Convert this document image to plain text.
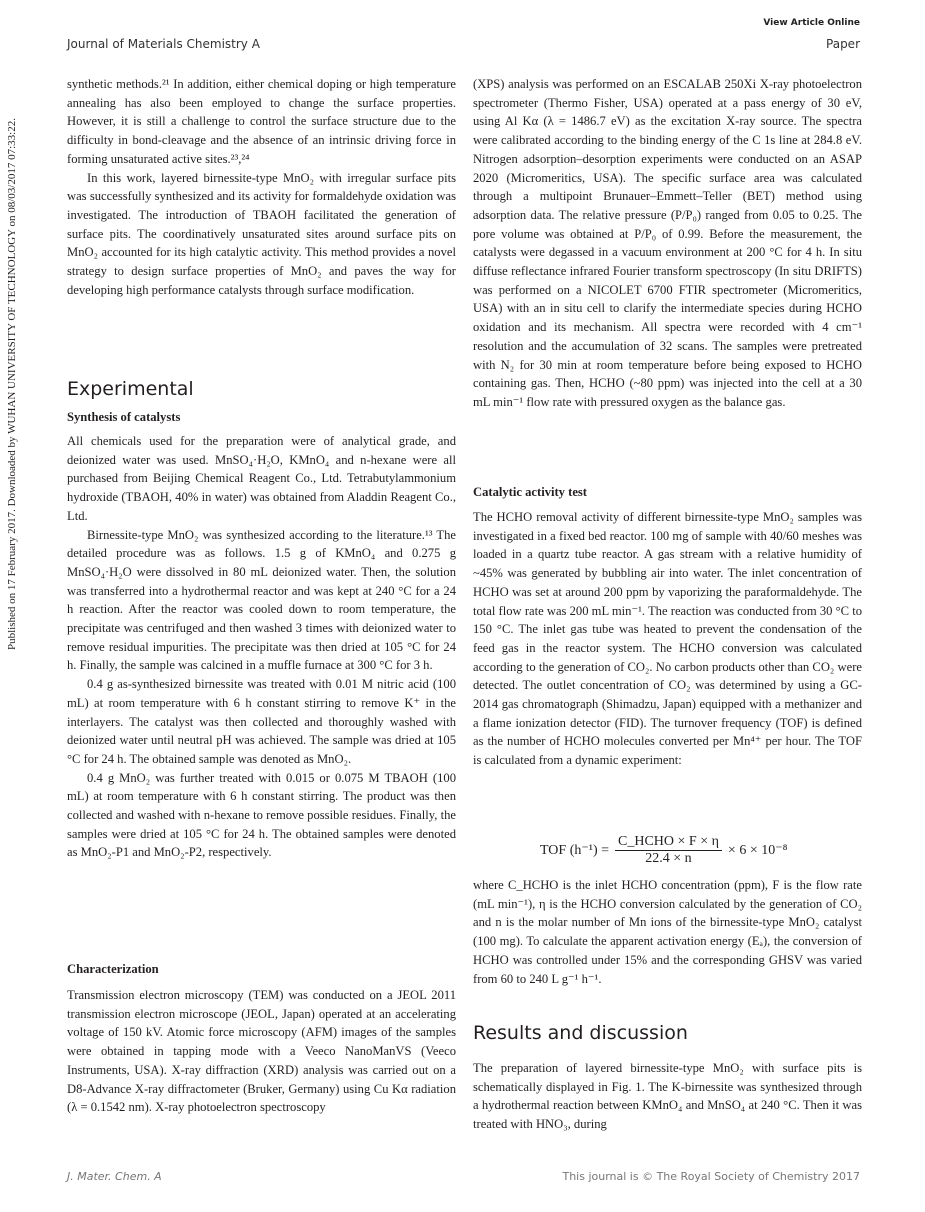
View Article Online
Journal of Materials Chemistry A	Paper
Published on 17 February 2017. Downloaded by WUHAN UNIVERSITY OF TECHNOLOGY on 08/03/2017 07:33:22.

synthetic methods.²¹ In addition, either chemical doping or high temperature annealing has also been employed to change the surface properties. However, it is still a challenge to control the surface structure due to the difficulty in bond-cleavage and the absence of an intrinsic driving force in forming unsaturated active sites.²³,²⁴

In this work, layered birnessite-type MnO₂ with irregular surface pits was successfully synthesized and its activity for formaldehyde oxidation was investigated. The introduction of TBAOH facilitated the generation of surface pits. The coordinatively unsaturated sites around surface pits on MnO₂ accounted for its high catalytic activity. This method provides a novel strategy to design surface properties of MnO₂ and paves the way for developing high performance catalysts through surface modification.

Experimental
Synthesis of catalysts

All chemicals used for the preparation were of analytical grade, and deionized water was used. MnSO₄·H₂O, KMnO₄ and n-hexane were all purchased from Beijing Chemical Reagent Co., Ltd. Tetrabutylammonium hydroxide (TBAOH, 40% in water) was obtained from Aladdin Reagent Co., Ltd.

Birnessite-type MnO₂ was synthesized according to the literature.¹³ The detailed procedure was as follows. 1.5 g of KMnO₄ and 0.275 g MnSO₄·H₂O were dissolved in 80 mL deionized water. Then, the solution was transferred into a hydrothermal reactor and was kept at 240 °C for a 24 h reaction. After the reactor was cooled down to room temperature, the precipitate was centrifuged and then washed 3 times with deionized water to remove residual impurities. The precipitate was then dried at 105 °C for 24 h. Finally, the sample was calcined in a muffle furnace at 300 °C for 3 h.

0.4 g as-synthesized birnessite was treated with 0.01 M nitric acid (100 mL) at room temperature with 6 h constant stirring to remove K⁺ in the interlayers. The catalyst was then collected and thoroughly washed with deionized water until neutral pH was achieved. The sample was dried at 105 °C for 24 h. The obtained sample was denoted as MnO₂.

0.4 g MnO₂ was further treated with 0.015 or 0.075 M TBAOH (100 mL) at room temperature with 6 h constant stirring. The product was then collected and washed with n-hexane to remove possible residues. Finally, the samples were dried at 105 °C for 24 h. The obtained samples were denoted as MnO₂-P1 and MnO₂-P2, respectively.

Characterization

Transmission electron microscopy (TEM) was conducted on a JEOL 2011 transmission electron microscope (JEOL, Japan) operated at an accelerating voltage of 150 kV. Atomic force microscopy (AFM) images of the samples were obtained in tapping mode with a Veeco NanoManVS (Veeco Instruments, USA). X-ray diffraction (XRD) analysis was carried out on a D8-Advance X-ray diffractometer (Bruker, Germany) using Cu Kα radiation (λ = 0.1542 nm). X-ray photoelectron spectroscopy

(XPS) analysis was performed on an ESCALAB 250Xi X-ray photoelectron spectrometer (Thermo Fisher, USA) operated at a pass energy of 30 eV, using Al Kα (λ = 1486.7 eV) as the excitation X-ray source. The spectra were calibrated according to the binding energy of the C 1s line at 284.8 eV. Nitrogen adsorption–desorption experiments were conducted on an ASAP 2020 (Micromeritics, USA). The specific surface area was calculated through a multipoint Brunauer–Emmett–Teller (BET) method using adsorption data. The relative pressure (P/P₀) ranged from 0.05 to 0.25. The pore volume was obtained at P/P₀ of 0.99. Before the measurement, the catalysts were degassed in a vacuum environment at 200 °C for 4 h. In situ diffuse reflectance infrared Fourier transform spectroscopy (In situ DRIFTS) was performed on a NICOLET 6700 FTIR spectrometer (Micromeritics, USA) with an in situ cell to clarify the intermediate species during HCHO oxidation and its mechanism. All spectra were recorded with 4 cm⁻¹ resolution and the accumulation of 32 scans. The samples were pretreated with N₂ for 30 min at room temperature before being exposed to HCHO containing gas. Then, HCHO (~80 ppm) was injected into the cell at a 30 mL min⁻¹ flow rate with pressured oxygen as the balance gas.

Catalytic activity test

The HCHO removal activity of different birnessite-type MnO₂ samples was investigated in a fixed bed reactor. 100 mg of sample with 40/60 meshes was loaded in a quartz tube reactor. A gas stream with a relative humidity of ~45% was generated by bubbling air into water. The inlet concentration of HCHO was set at around 200 ppm by vaporizing the paraformaldehyde. The total flow rate was 200 mL min⁻¹. The reaction was conducted from 30 °C to 150 °C. The inlet gas tube was heated to prevent the condensation of the feed gas in the reactor system. The HCHO conversion was calculated according to the generation of CO₂. No carbon products other than CO₂ were detected. The outlet concentration of CO₂ was determined by using a GC-2014 gas chromatograph (Shimadzu, Japan) equipped with a methanizer and a flame ionization detector (FID). The turnover frequency (TOF) is defined as the number of HCHO molecules converted per Mn⁴⁺ per hour. The TOF is calculated from a dynamic experiment:

TOF $(h^{-1}) = \frac{\text{C\_HCHO × F × η}}{22.4 \times n} \times 6 \times 10^{-8}$

where C_HCHO is the inlet HCHO concentration (ppm), F is the flow rate (mL min⁻¹), η is the HCHO conversion calculated by the generation of CO₂ and n is the molar number of Mn ions of the birnessite-type MnO₂ catalyst (100 mg). To calculate the apparent activation energy (Eₐ), the conversion of HCHO was controlled under 15% and the corresponding GHSV was varied from 60 to 240 L g⁻¹ h⁻¹.

Results and discussion

The preparation of layered birnessite-type MnO₂ with surface pits is schematically displayed in Fig. 1. The K-birnessite was synthesized through a hydrothermal reaction between KMnO₄ and MnSO₄ at 240 °C. Then it was treated with HNO₃, during

J. Mater. Chem. A	This journal is © The Royal Society of Chemistry 2017
